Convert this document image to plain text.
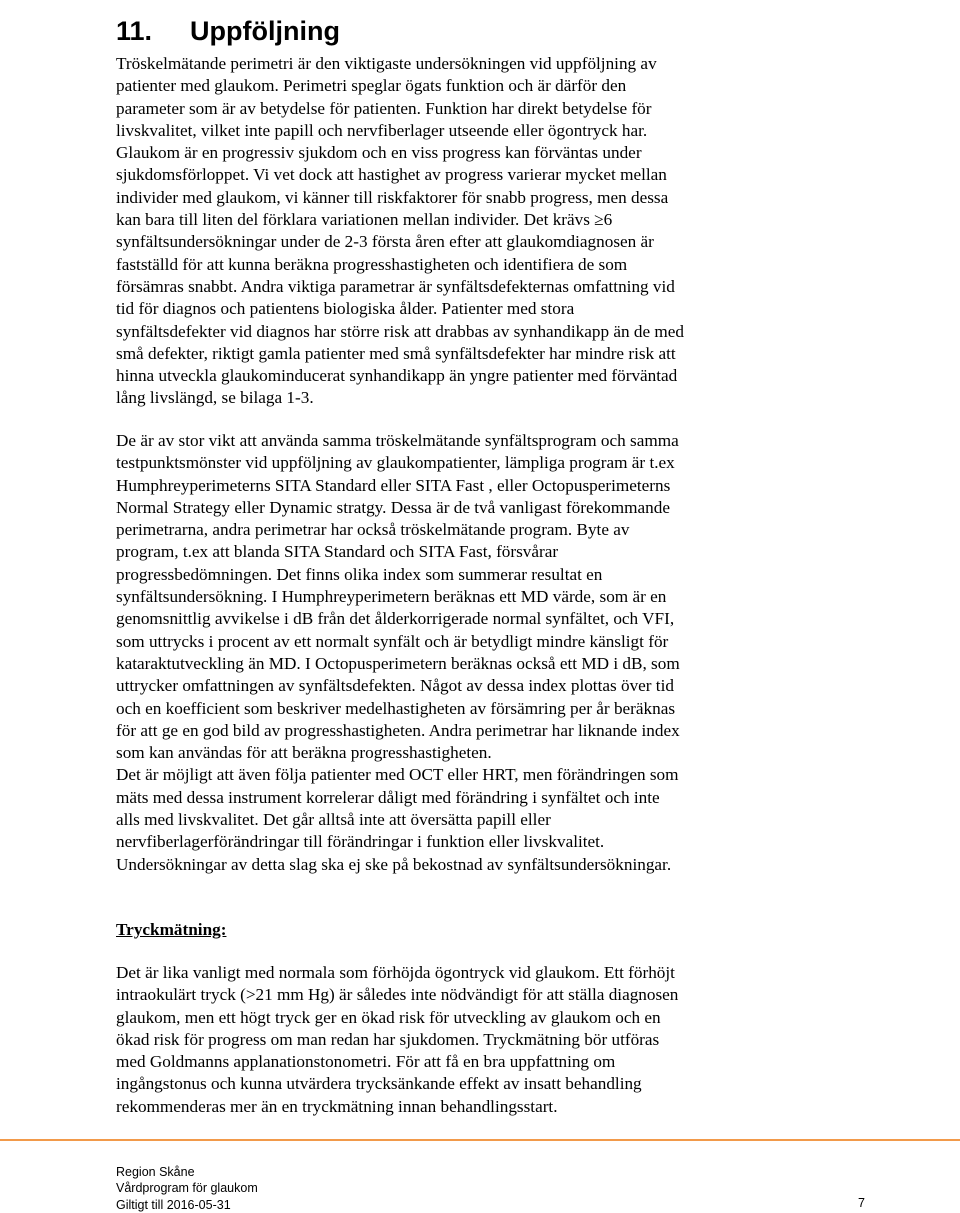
11. Uppföljning

Tröskelmätande perimetri är den viktigaste undersökningen vid uppföljning av
patienter med glaukom. Perimetri speglar ögats funktion och är därför den
parameter som är av betydelse för patienten. Funktion har direkt betydelse för
livskvalitet, vilket inte papill och nervfiberlager utseende eller ögontryck har.
Glaukom är en progressiv sjukdom och en viss progress kan förväntas under
sjukdomsförloppet. Vi vet dock att hastighet av progress varierar mycket mellan
individer med glaukom, vi känner till riskfaktorer för snabb progress, men dessa
kan bara till liten del förklara variationen mellan individer. Det krävs ≥6
synfältsundersökningar under de 2-3 första åren efter att glaukomdiagnosen är
fastställd för att kunna beräkna progresshastigheten och identifiera de som
försämras snabbt. Andra viktiga parametrar är synfältsdefekternas omfattning vid
tid för diagnos och patientens biologiska ålder. Patienter med stora
synfältsdefekter vid diagnos har större risk att drabbas av synhandikapp än de med
små defekter, riktigt gamla patienter med små synfältsdefekter har mindre risk att
hinna utveckla glaukominducerat synhandikapp än yngre patienter med förväntad
lång livslängd, se bilaga 1-3.

De är av stor vikt att använda samma tröskelmätande synfältsprogram och samma
testpunktsmönster vid uppföljning av glaukompatienter, lämpliga program är t.ex
Humphreyperimeterns SITA Standard eller SITA Fast , eller Octopusperimeterns
Normal Strategy eller Dynamic stratgy. Dessa är de två vanligast förekommande
perimetrarna, andra perimetrar har också tröskelmätande program. Byte av
program, t.ex att blanda SITA Standard och SITA Fast, försvårar
progressbedömningen. Det finns olika index som summerar resultat en
synfältsundersökning. I Humphreyperimetern beräknas ett MD värde, som är en
genomsnittlig avvikelse i dB från det ålderkorrigerade normal synfältet, och VFI,
som uttrycks i procent av ett normalt synfält och är betydligt mindre känsligt för
kataraktutveckling än MD. I Octopusperimetern beräknas också ett MD i dB, som
uttrycker omfattningen av synfältsdefekten. Något av dessa index plottas över tid
och en koefficient som beskriver medelhastigheten av försämring per år beräknas
för att ge en god bild av progresshastigheten. Andra perimetrar har liknande index
som kan användas för att beräkna progresshastigheten.
Det är möjligt att även följa patienter med OCT eller HRT, men förändringen som
mäts med dessa instrument korrelerar dåligt med förändring i synfältet och inte
alls med livskvalitet. Det går alltså inte att översätta papill eller
nervfiberlagerförändringar till förändringar i funktion eller livskvalitet.
Undersökningar av detta slag ska ej ske på bekostnad av synfältsundersökningar.

Tryckmätning:

Det är lika vanligt med normala som förhöjda ögontryck vid glaukom. Ett förhöjt
intraokulärt tryck (>21 mm Hg) är således inte nödvändigt för att ställa diagnosen
glaukom, men ett högt tryck ger en ökad risk för utveckling av glaukom och en
ökad risk för progress om man redan har sjukdomen. Tryckmätning bör utföras
med Goldmanns applanationstonometri. För att få en bra uppfattning om
ingångstonus och kunna utvärdera trycksänkande effekt av insatt behandling
rekommenderas mer än en tryckmätning innan behandlingsstart.

Region Skåne
Vårdprogram för glaukom
Giltigt till 2016-05-31	7
